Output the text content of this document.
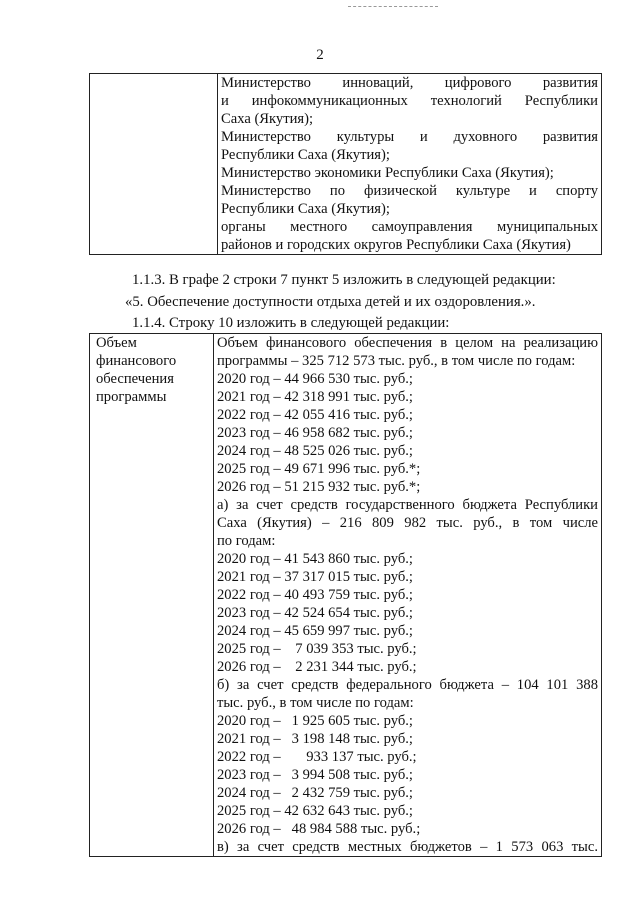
2

Министерство инноваций, цифрового развития
и инфокоммуникационных технологий Республики
Саха (Якутия);
Министерство культуры и духовного развития
Республики Саха (Якутия);
Министерство экономики Республики Саха (Якутия);
Министерство по физической культуре и спорту
Республики Саха (Якутия);
органы местного самоуправления муниципальных
районов и городских округов Республики Саха (Якутия)
1.1.3. В графе 2 строки 7 пункт 5 изложить в следующей редакции:
«5. Обеспечение доступности отдыха детей и их оздоровления.».
1.1.4. Строку 10 изложить в следующей редакции:
Объем
финансового
обеспечения
программы

Объем финансового обеспечения в целом на реализацию
программы – 325 712 573 тыс. руб., в том числе по годам:
2020 год – 44 966 530 тыс. руб.;
2021 год – 42 318 991 тыс. руб.;
2022 год – 42 055 416 тыс. руб.;
2023 год – 46 958 682 тыс. руб.;
2024 год – 48 525 026 тыс. руб.;
2025 год – 49 671 996 тыс. руб.*;
2026 год – 51 215 932 тыс. руб.*;
а) за счет средств государственного бюджета Республики
Саха (Якутия) – 216 809 982 тыс. руб., в том числе
по годам:
2020 год – 41 543 860 тыс. руб.;
2021 год – 37 317 015 тыс. руб.;
2022 год – 40 493 759 тыс. руб.;
2023 год – 42 524 654 тыс. руб.;
2024 год – 45 659 997 тыс. руб.;
2025 год –    7 039 353 тыс. руб.;
2026 год –    2 231 344 тыс. руб.;
б) за счет средств федерального бюджета – 104 101 388
тыс. руб., в том числе по годам:
2020 год –   1 925 605 тыс. руб.;
2021 год –   3 198 148 тыс. руб.;
2022 год –       933 137 тыс. руб.;
2023 год –   3 994 508 тыс. руб.;
2024 год –   2 432 759 тыс. руб.;
2025 год – 42 632 643 тыс. руб.;
2026 год –   48 984 588 тыс. руб.;
в) за счет средств местных бюджетов – 1 573 063 тыс.
